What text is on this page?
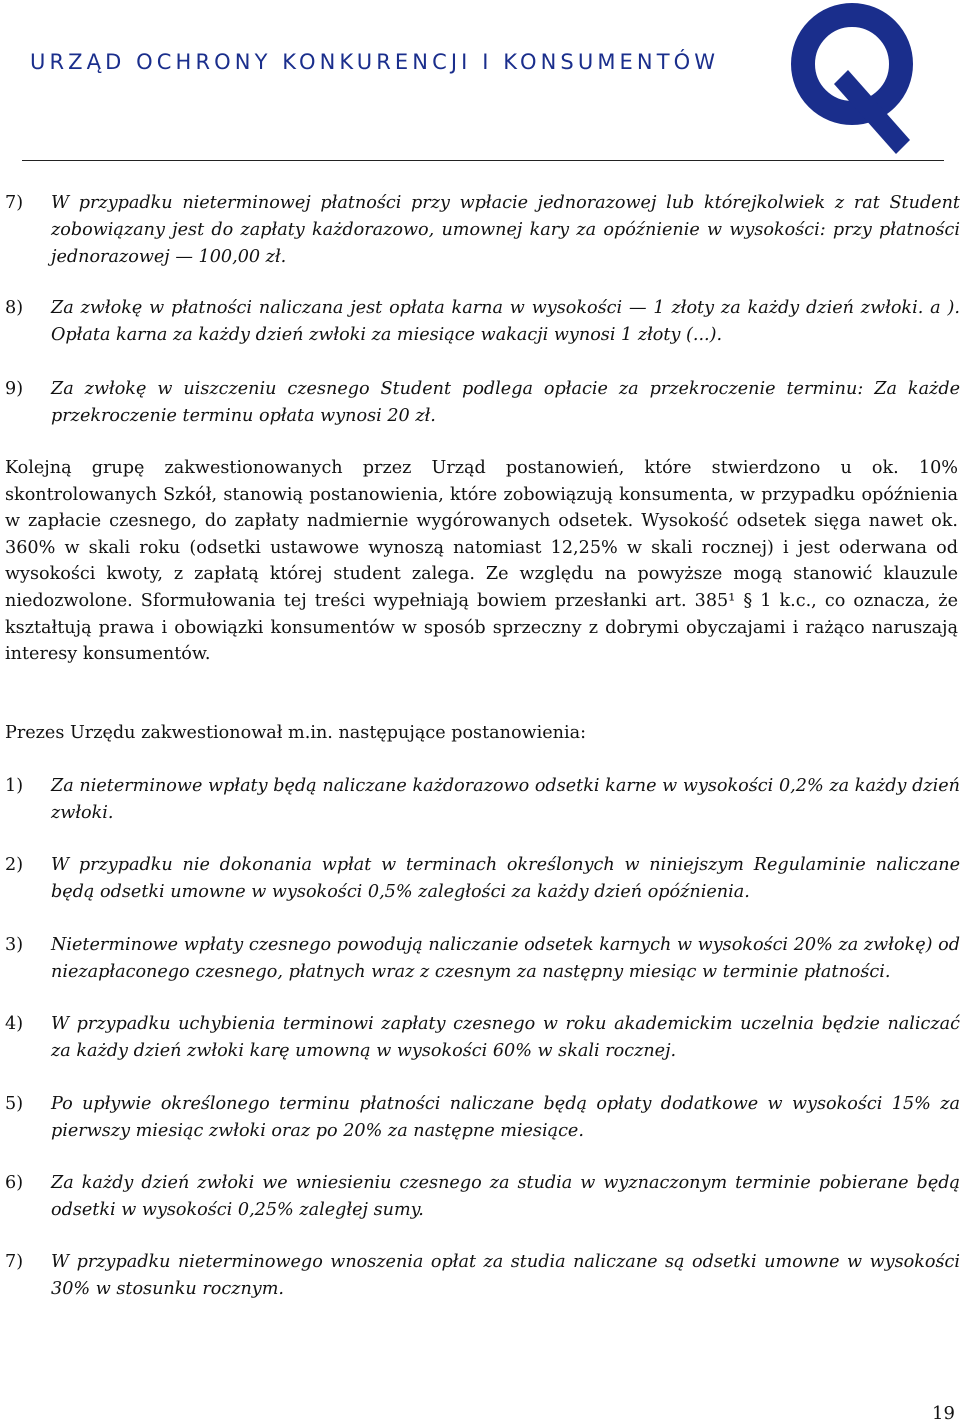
URZĄD OCHRONY KONKURENCJI I KONSUMENTÓW
7) W przypadku nieterminowej płatności przy wpłacie jednorazowej lub którejkolwiek z rat Student zobowiązany jest do zapłaty każdorazowo, umownej kary za opóźnienie w wysokości: przy płatności jednorazowej — 100,00 zł.
8) Za zwłokę w płatności naliczana jest opłata karna w wysokości — 1 złoty za każdy dzień zwłoki. a ). Opłata karna za każdy dzień zwłoki za miesiące wakacji wynosi 1 złoty (...).
9) Za zwłokę w uiszczeniu czesnego Student podlega opłacie za przekroczenie terminu: Za każde przekroczenie terminu opłata wynosi 20 zł.
Kolejną grupę zakwestionowanych przez Urząd postanowień, które stwierdzono u ok. 10% skontrolowanych Szkół, stanowią postanowienia, które zobowiązują konsumenta, w przypadku opóźnienia w zapłacie czesnego, do zapłaty nadmiernie wygórowanych odsetek. Wysokość odsetek sięga nawet ok. 360% w skali roku (odsetki ustawowe wynoszą natomiast 12,25% w skali rocznej) i jest oderwana od wysokości kwoty, z zapłatą której student zalega. Ze względu na powyższe mogą stanowić klauzule niedozwolone. Sformułowania tej treści wypełniają bowiem przesłanki art. 385¹ § 1 k.c., co oznacza, że kształtują prawa i obowiązki konsumentów w sposób sprzeczny z dobrymi obyczajami i rażąco naruszają interesy konsumentów.
Prezes Urzędu zakwestionował m.in. następujące postanowienia:
1) Za nieterminowe wpłaty będą naliczane każdorazowo odsetki karne w wysokości 0,2% za każdy dzień zwłoki.
2) W przypadku nie dokonania wpłat w terminach określonych w niniejszym Regulaminie naliczane będą odsetki umowne w wysokości 0,5% zaległości za każdy dzień opóźnienia.
3) Nieterminowe wpłaty czesnego powodują naliczanie odsetek karnych w wysokości 20% za zwłokę) od niezapłaconego czesnego, płatnych wraz z czesnym za następny miesiąc w terminie płatności.
4) W przypadku uchybienia terminowi zapłaty czesnego w roku akademickim uczelnia będzie naliczać za każdy dzień zwłoki karę umowną w wysokości 60% w skali rocznej.
5) Po upływie określonego terminu płatności naliczane będą opłaty dodatkowe w wysokości 15% za pierwszy miesiąc zwłoki oraz po 20% za następne miesiące.
6) Za każdy dzień zwłoki we wniesieniu czesnego za studia w wyznaczonym terminie pobierane będą odsetki w wysokości 0,25% zaległej sumy.
7) W przypadku nieterminowego wnoszenia opłat za studia naliczane są odsetki umowne w wysokości 30% w stosunku rocznym.
19
